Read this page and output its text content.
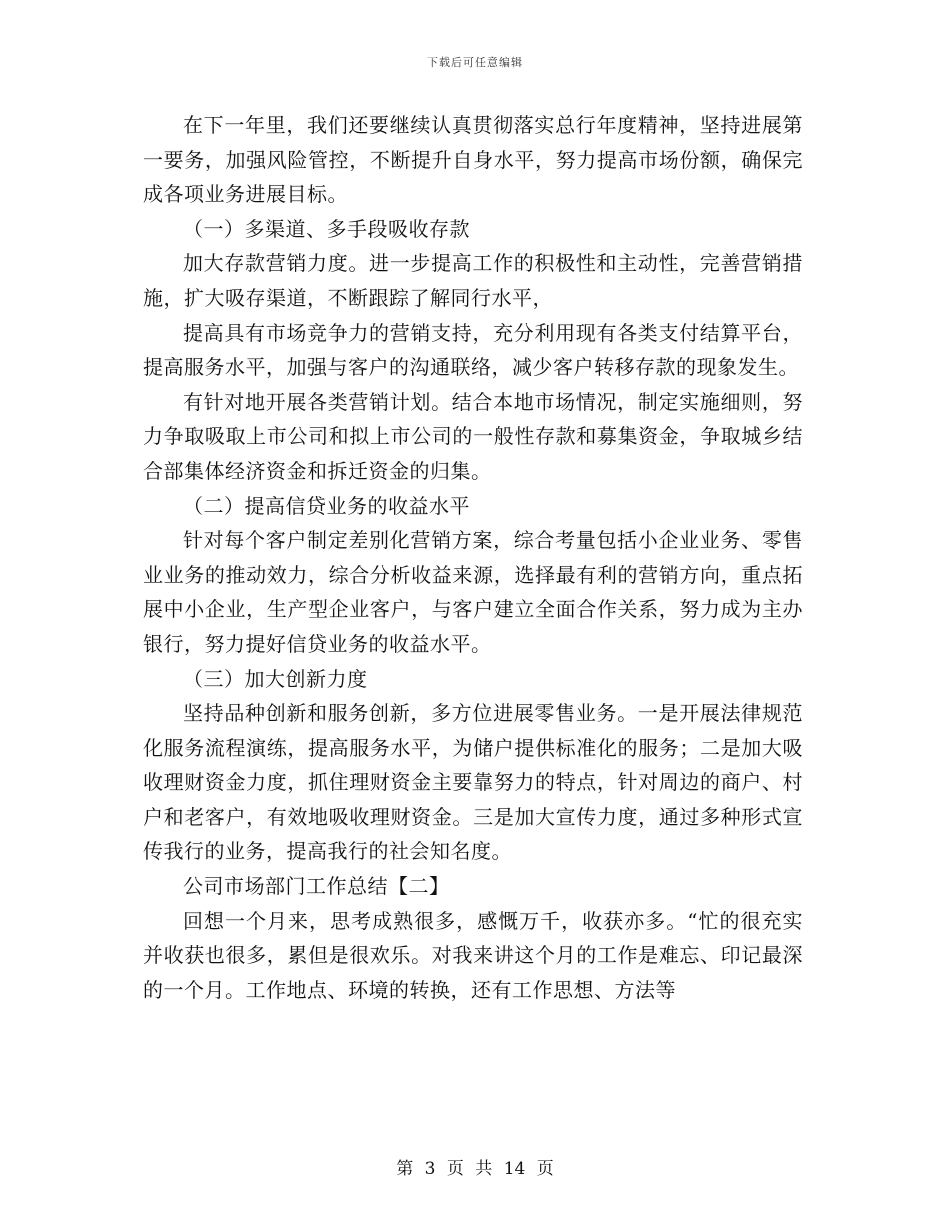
下载后可任意编辑

在下一年里，我们还要继续认真贯彻落实总行年度精神，坚持进展第一要务，加强风险管控，不断提升自身水平，努力提高市场份额，确保完成各项业务进展目标。

（一）多渠道、多手段吸收存款

加大存款营销力度。进一步提高工作的积极性和主动性，完善营销措施，扩大吸存渠道，不断跟踪了解同行水平，

提高具有市场竞争力的营销支持，充分利用现有各类支付结算平台，提高服务水平，加强与客户的沟通联络，减少客户转移存款的现象发生。

有针对地开展各类营销计划。结合本地市场情况，制定实施细则，努力争取吸取上市公司和拟上市公司的一般性存款和募集资金，争取城乡结合部集体经济资金和拆迁资金的归集。

（二）提高信贷业务的收益水平

针对每个客户制定差别化营销方案，综合考量包括小企业业务、零售业业务的推动效力，综合分析收益来源，选择最有利的营销方向，重点拓展中小企业，生产型企业客户，与客户建立全面合作关系，努力成为主办银行，努力提好信贷业务的收益水平。

（三）加大创新力度

坚持品种创新和服务创新，多方位进展零售业务。一是开展法律规范化服务流程演练，提高服务水平，为储户提供标准化的服务；二是加大吸收理财资金力度，抓住理财资金主要靠努力的特点，针对周边的商户、村户和老客户，有效地吸收理财资金。三是加大宣传力度，通过多种形式宣传我行的业务，提高我行的社会知名度。

公司市场部门工作总结【二】

回想一个月来，思考成熟很多，感慨万千，收获亦多。“忙的很充实并收获也很多，累但是很欢乐。对我来讲这个月的工作是难忘、印记最深的一个月。工作地点、环境的转换，还有工作思想、方法等

第 3 页 共 14 页
